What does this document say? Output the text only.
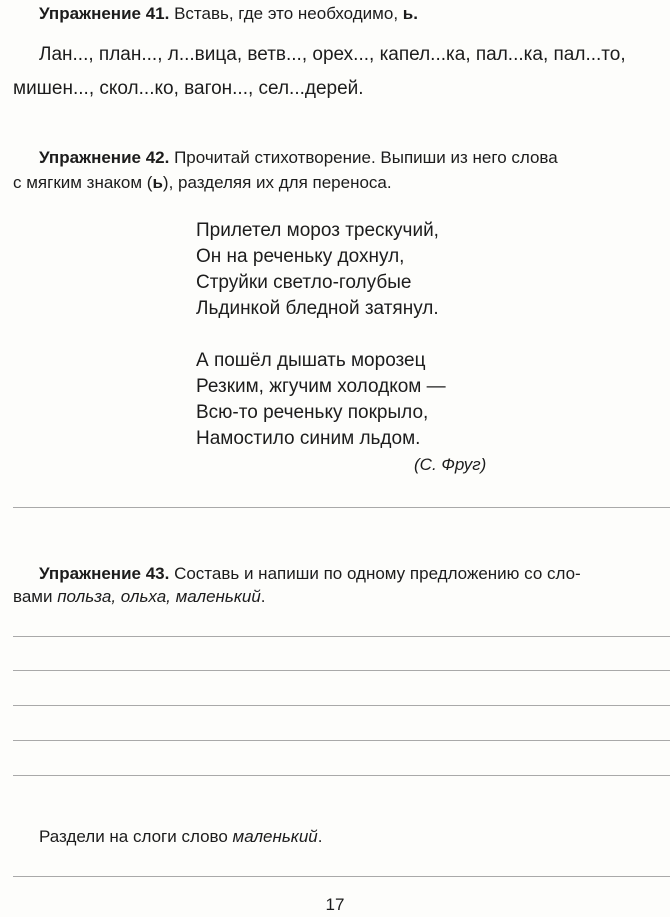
Упражнение 41. Вставь, где это необходимо, ь.
Лан..., план..., л...вица, ветв..., орех..., капел...ка, пал...ка, пал...то,
мишен..., скол...ко, вагон..., сел...дерей.
Упражнение 42. Прочитай стихотворение. Выпиши из него слова
с мягким знаком (ь), разделяя их для переноса.
Прилетел мороз трескучий,
Он на реченьку дохнул,
Струйки светло-голубые
Льдинкой бледной затянул.
А пошёл дышать морозец
Резким, жгучим холодком —
Всю-то реченьку покрыло,
Намостило синим льдом.
(С. Фруг)
Упражнение 43. Составь и напиши по одному предложению со сло-
вами польза, ольха, маленький.
Раздели на слоги слово маленький.
17
